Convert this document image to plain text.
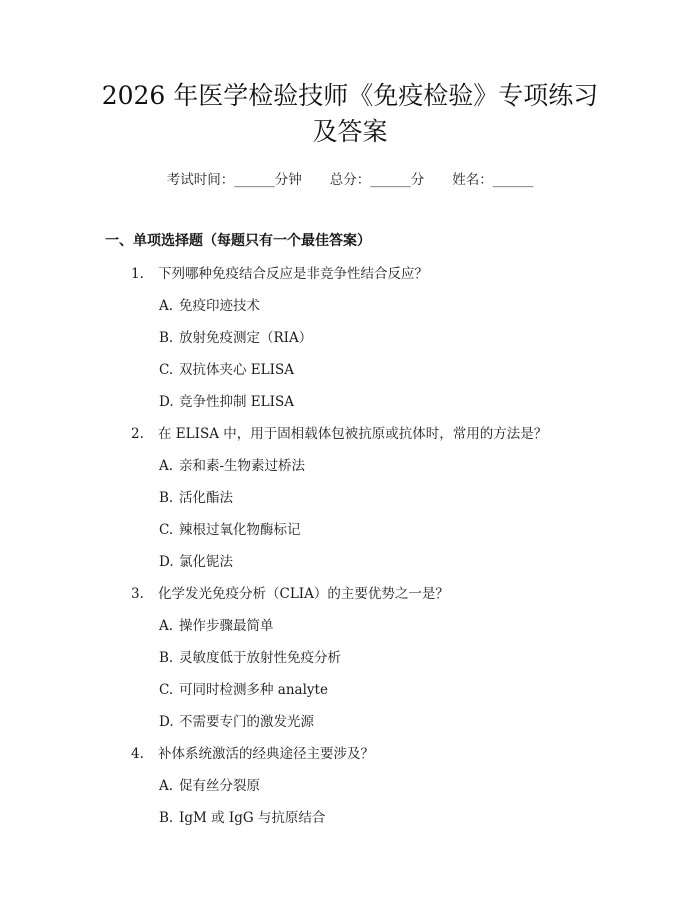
2026 年医学检验技师《免疫检验》专项练习
及答案
考试时间：______分钟 总分：______分 姓名：______
一、单项选择题（每题只有一个最佳答案）
1. 下列哪种免疫结合反应是非竞争性结合反应？
A. 免疫印迹技术
B. 放射免疫测定（RIA）
C. 双抗体夹心 ELISA
D. 竞争性抑制 ELISA
2. 在 ELISA 中，用于固相载体包被抗原或抗体时，常用的方法是？
A. 亲和素-生物素过桥法
B. 活化酯法
C. 辣根过氧化物酶标记
D. 氯化铌法
3. 化学发光免疫分析（CLIA）的主要优势之一是？
A. 操作步骤最简单
B. 灵敏度低于放射性免疫分析
C. 可同时检测多种 analyte
D. 不需要专门的激发光源
4. 补体系统激活的经典途径主要涉及？
A. 促有丝分裂原
B. IgM 或 IgG 与抗原结合
